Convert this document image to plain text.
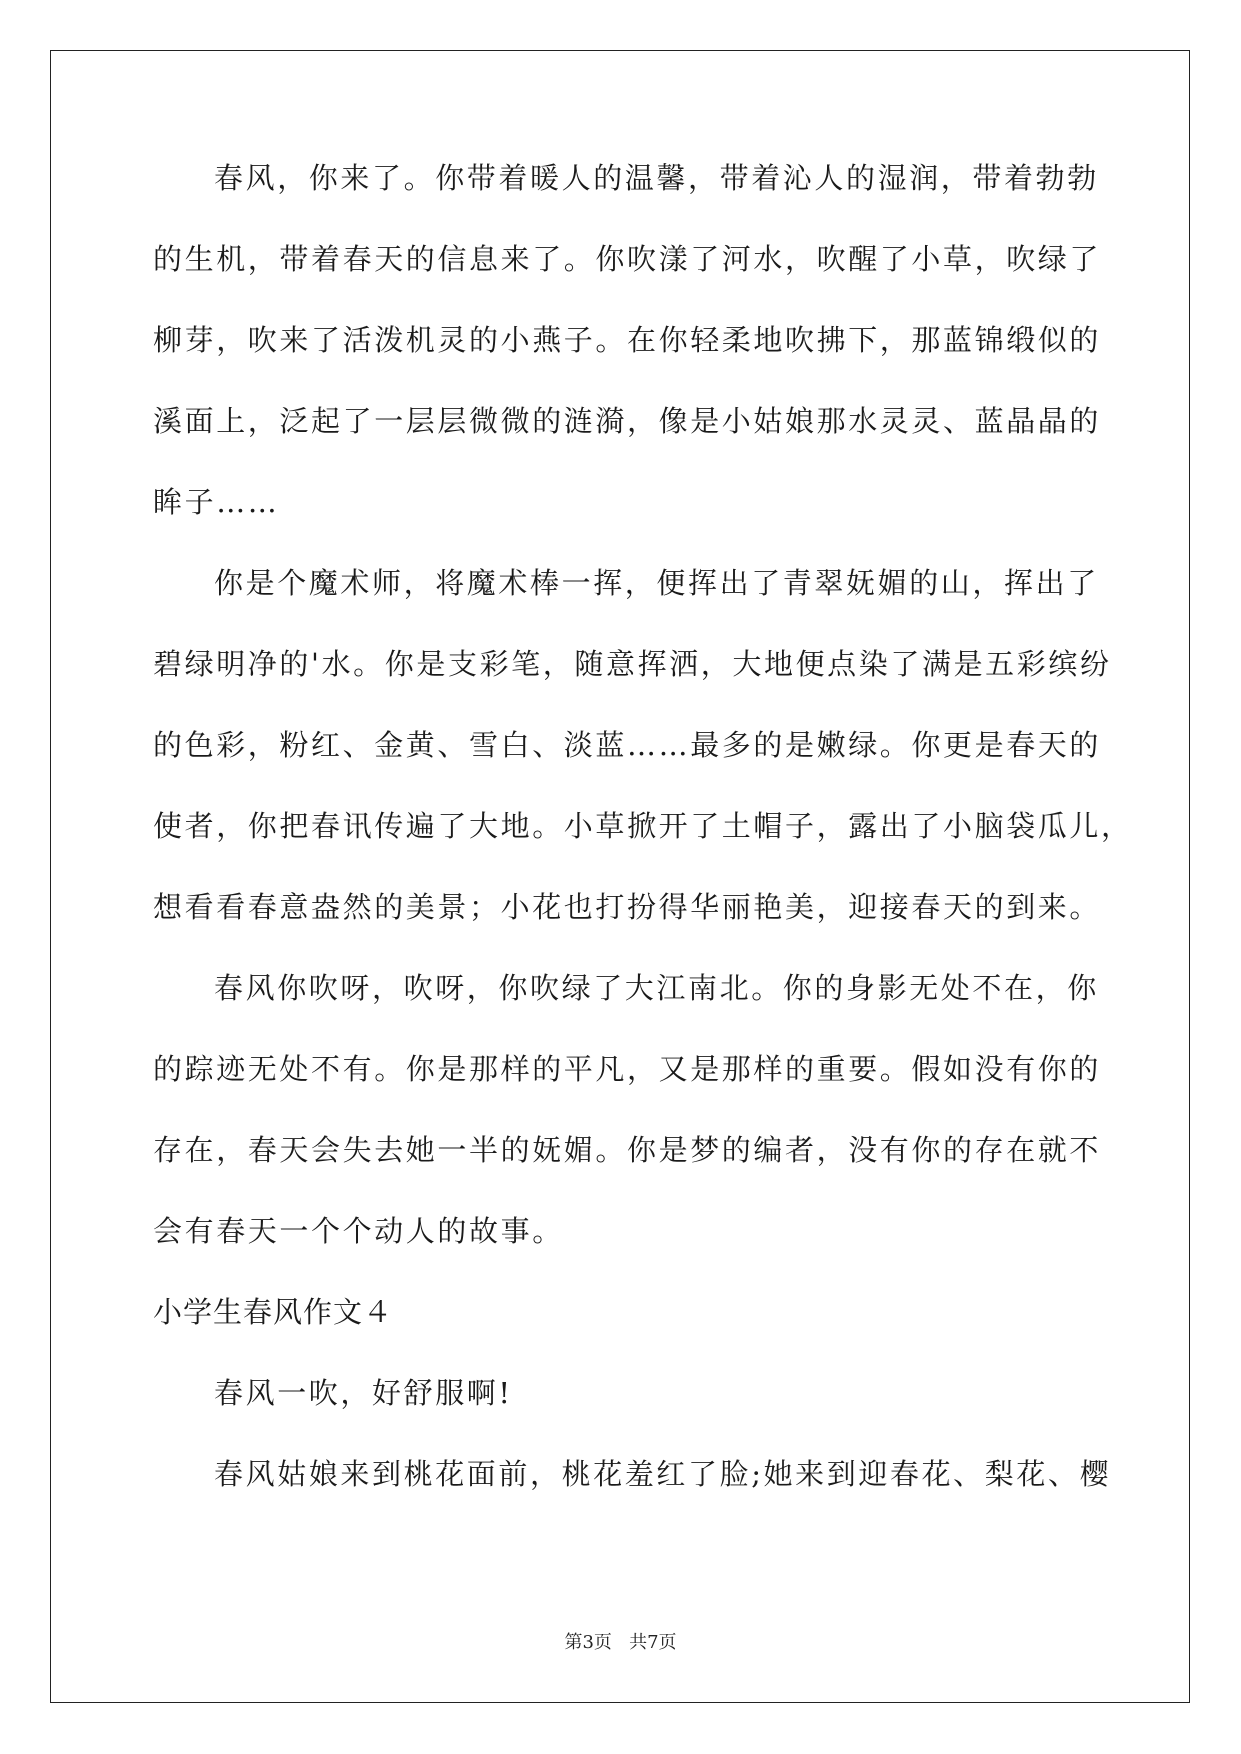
春风，你来了。你带着暖人的温馨，带着沁人的湿润，带着勃勃
的生机，带着春天的信息来了。你吹漾了河水，吹醒了小草，吹绿了
柳芽，吹来了活泼机灵的小燕子。在你轻柔地吹拂下，那蓝锦缎似的
溪面上，泛起了一层层微微的涟漪，像是小姑娘那水灵灵、蓝晶晶的
眸子……
你是个魔术师，将魔术棒一挥，便挥出了青翠妩媚的山，挥出了
碧绿明净的'水。你是支彩笔，随意挥洒，大地便点染了满是五彩缤纷
的色彩，粉红、金黄、雪白、淡蓝……最多的是嫩绿。你更是春天的
使者，你把春讯传遍了大地。小草掀开了土帽子，露出了小脑袋瓜儿，
想看看春意盎然的美景；小花也打扮得华丽艳美，迎接春天的到来。
春风你吹呀，吹呀，你吹绿了大江南北。你的身影无处不在，你
的踪迹无处不有。你是那样的平凡，又是那样的重要。假如没有你的
存在，春天会失去她一半的妩媚。你是梦的编者，没有你的存在就不
会有春天一个个动人的故事。
小学生春风作文４
春风一吹，好舒服啊!
春风姑娘来到桃花面前，桃花羞红了脸;她来到迎春花、梨花、樱
第3页   共7页
